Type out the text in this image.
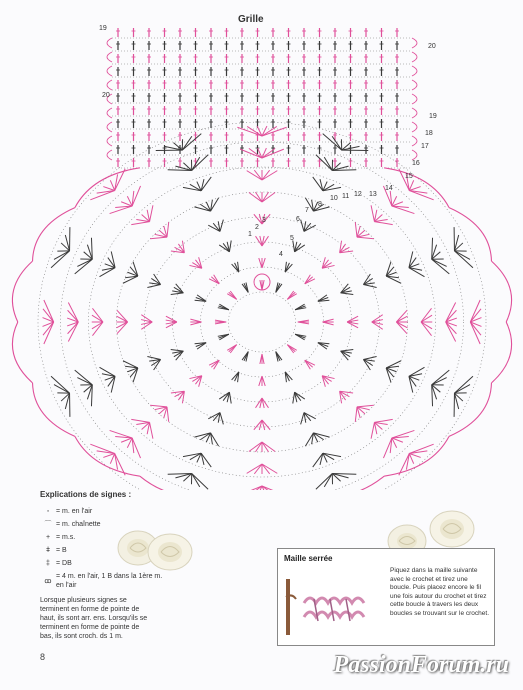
Grille
19
20
1
2
3
4
5
6
7
8
10 11 12 13
14
15
16
17
18
19
20
Explications de signes :
◦ = m. en l'air
⌒ = m. chaînette
+ = m.s.
ǂ = B
‡ = DB
ꝏ
= 4 m. en l'air, 1 B dans la 1ère m. en l'air
Lorsque plusieurs signes se terminent en forme de pointe de haut, ils sont arr. ens. Lorsqu'ils se terminent en forme de pointe de bas, ils sont croch. ds 1 m.
Maille serrée
Piquez dans la maille suivante avec le crochet et tirez une boucle. Puis placez encore le fil une fois autour du crochet et tirez cette boucle à travers les deux boucles se trouvant sur le crochet.
8	PassionForum.ru
